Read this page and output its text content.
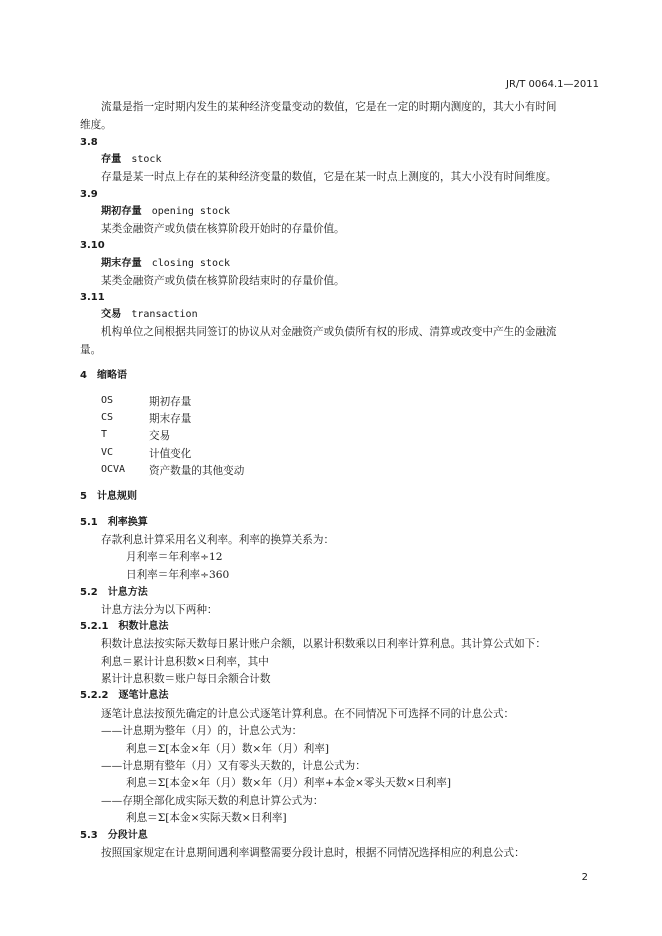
JR/T 0064.1—2011
流量是指一定时期内发生的某种经济变量变动的数值，它是在一定的时期内测度的，其大小有时间
维度。
3.8
存量 stock
存量是某一时点上存在的某种经济变量的数值，它是在某一时点上测度的，其大小没有时间维度。
3.9
期初存量 opening stock
某类金融资产或负债在核算阶段开始时的存量价值。
3.10
期末存量 closing stock
某类金融资产或负债在核算阶段结束时的存量价值。
3.11
交易 transaction
机构单位之间根据共同签订的协议从对金融资产或负债所有权的形成、清算或改变中产生的金融流
量。
4　缩略语
OS	期初存量
CS	期末存量
T	交易
VC	计值变化
OCVA 资产数量的其他变动
5　计息规则
5.1　利率换算
存款利息计算采用名义利率。利率的换算关系为：
月利率＝年利率÷12
日利率＝年利率÷360
5.2　计息方法
计息方法分为以下两种：
5.2.1　积数计息法
积数计息法按实际天数每日累计账户余额，以累计积数乘以日利率计算利息。其计算公式如下：
利息＝累计计息积数×日利率，其中
累计计息积数＝账户每日余额合计数
5.2.2　逐笔计息法
逐笔计息法按预先确定的计息公式逐笔计算利息。在不同情况下可选择不同的计息公式：
——计息期为整年（月）的，计息公式为：
利息＝Σ[本金×年（月）数×年（月）利率]
——计息期有整年（月）又有零头天数的，计息公式为：
利息＝Σ[本金×年（月）数×年（月）利率+本金×零头天数×日利率]
——存期全部化成实际天数的利息计算公式为：
利息＝Σ[本金×实际天数×日利率]
5.3　分段计息
按照国家规定在计息期间遇利率调整需要分段计息时，根据不同情况选择相应的利息公式：
2
